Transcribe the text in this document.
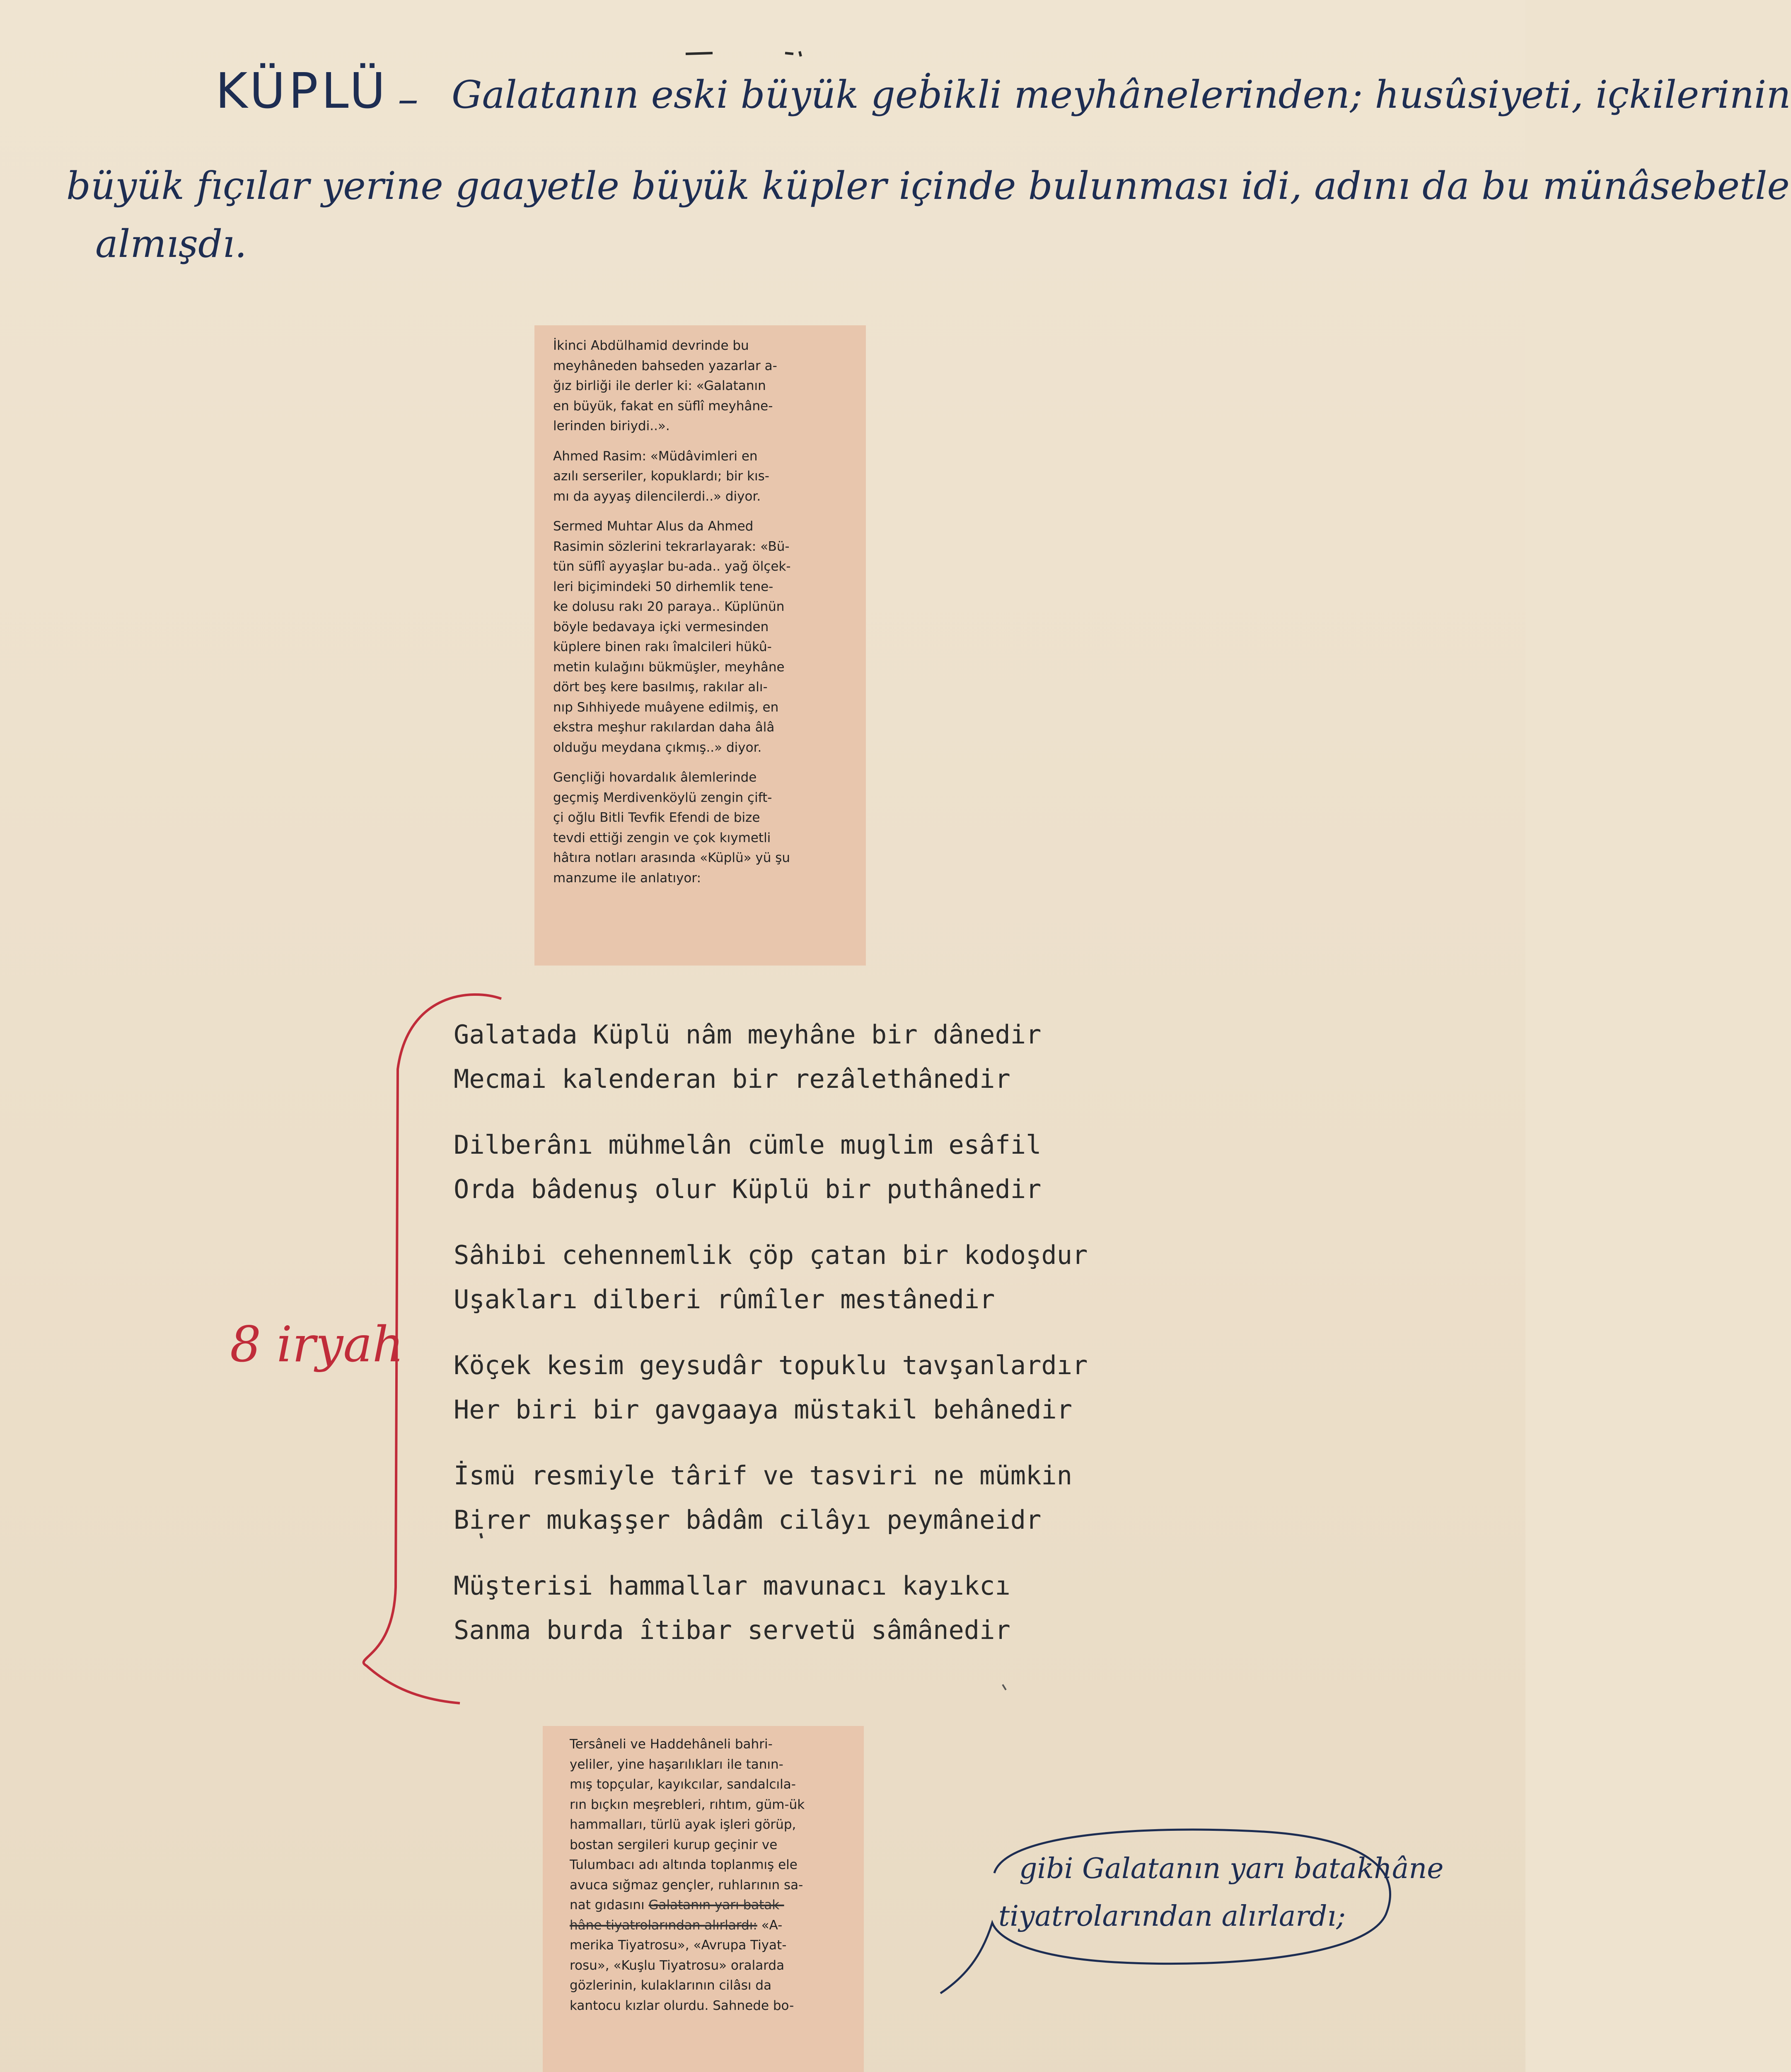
KÜPLÜ – Galatanın eski büyük geḃikli meyhânelerinden; husûsiyeti, içkilerinin
büyük fıçılar yerine gaayetle büyük küpler içinde bulunması idi, adını da bu münâsebetle
almışdı.

İkinci Abdülhamid devrinde bu

meyhâneden bahseden yazarlar a-

ğız birliği ile derler ki: «Galatanın

en büyük, fakat en süflî meyhâne-

lerinden biriydi..».

Ahmed Rasim: «Müdâvimleri en

azılı serseriler, kopuklardı; bir kıs-

mı da ayyaş dilencilerdi..» diyor.

Sermed Muhtar Alus da Ahmed

Rasimin sözlerini tekrarlayarak: «Bü-

tün süflî ayyaşlar bu-ada.. yağ ölçek-

leri biçimindeki 50 dirhemlik tene-

ke dolusu rakı 20 paraya.. Küplünün

böyle bedavaya içki vermesinden

küplere binen rakı îmalcileri hükû-

metin kulağını bükmüşler, meyhâne

dört beş kere basılmış, rakılar alı-

nıp Sıhhiyede muâyene edilmiş, en

ekstra meşhur rakılardan daha âlâ

olduğu meydana çıkmış..» diyor.

Gençliği hovardalık âlemlerinde

geçmiş Merdivenköylü zengin çift-

çi oğlu Bitli Tevfik Efendi de bize

tevdi ettiği zengin ve çok kıymetli

hâtıra notları arasında «Küplü» yü şu

manzume ile anlatıyor:

Galatada Küplü nâm meyhâne bir dânedir
Mecmai kalenderan bir rezâlethânedir
Dilberânı mühmelân cümle muglim esâfil
Orda bâdenuş olur Küplü bir puthânedir
Sâhibi cehennemlik çöp çatan bir kodoşdur
Uşakları dilberi rûmîler mestânedir
Köçek kesim geysudâr topuklu tavşanlardır
Her biri bir gavgaaya müstakil behânedir
İsmü resmiyle târif ve tasviri ne mümkin
Birer mukaşşer bâdâm cilâyı peymâneidr
Müşterisi hammallar mavunacı kayıkcı
Sanma burda îtibar servetü sâmânedir
8 iryah

Tersâneli ve Haddehâneli bahri-

yeliler, yine haşarılıkları ile tanın-

mış topçular, kayıkcılar, sandalcıla-

rın bıçkın meşrebleri, rıhtım, güm-ük

hammalları, türlü ayak işleri görüp,

bostan sergileri kurup geçinir ve

Tulumbacı adı altında toplanmış ele

avuca sığmaz gençler, ruhlarının sa-

nat gıdasını Galatanın yarı batak-

hâne tiyatrolarından alırlardı: «A-

merika Tiyatrosu», «Avrupa Tiyat-

rosu», «Kuşlu Tiyatrosu» oralarda

gözlerinin, kulaklarının cilâsı da

kantocu kızlar olurdu. Sahnede bo-

gibi Galatanın yarı batakhâne
tiyatrolarından alırlardı;
